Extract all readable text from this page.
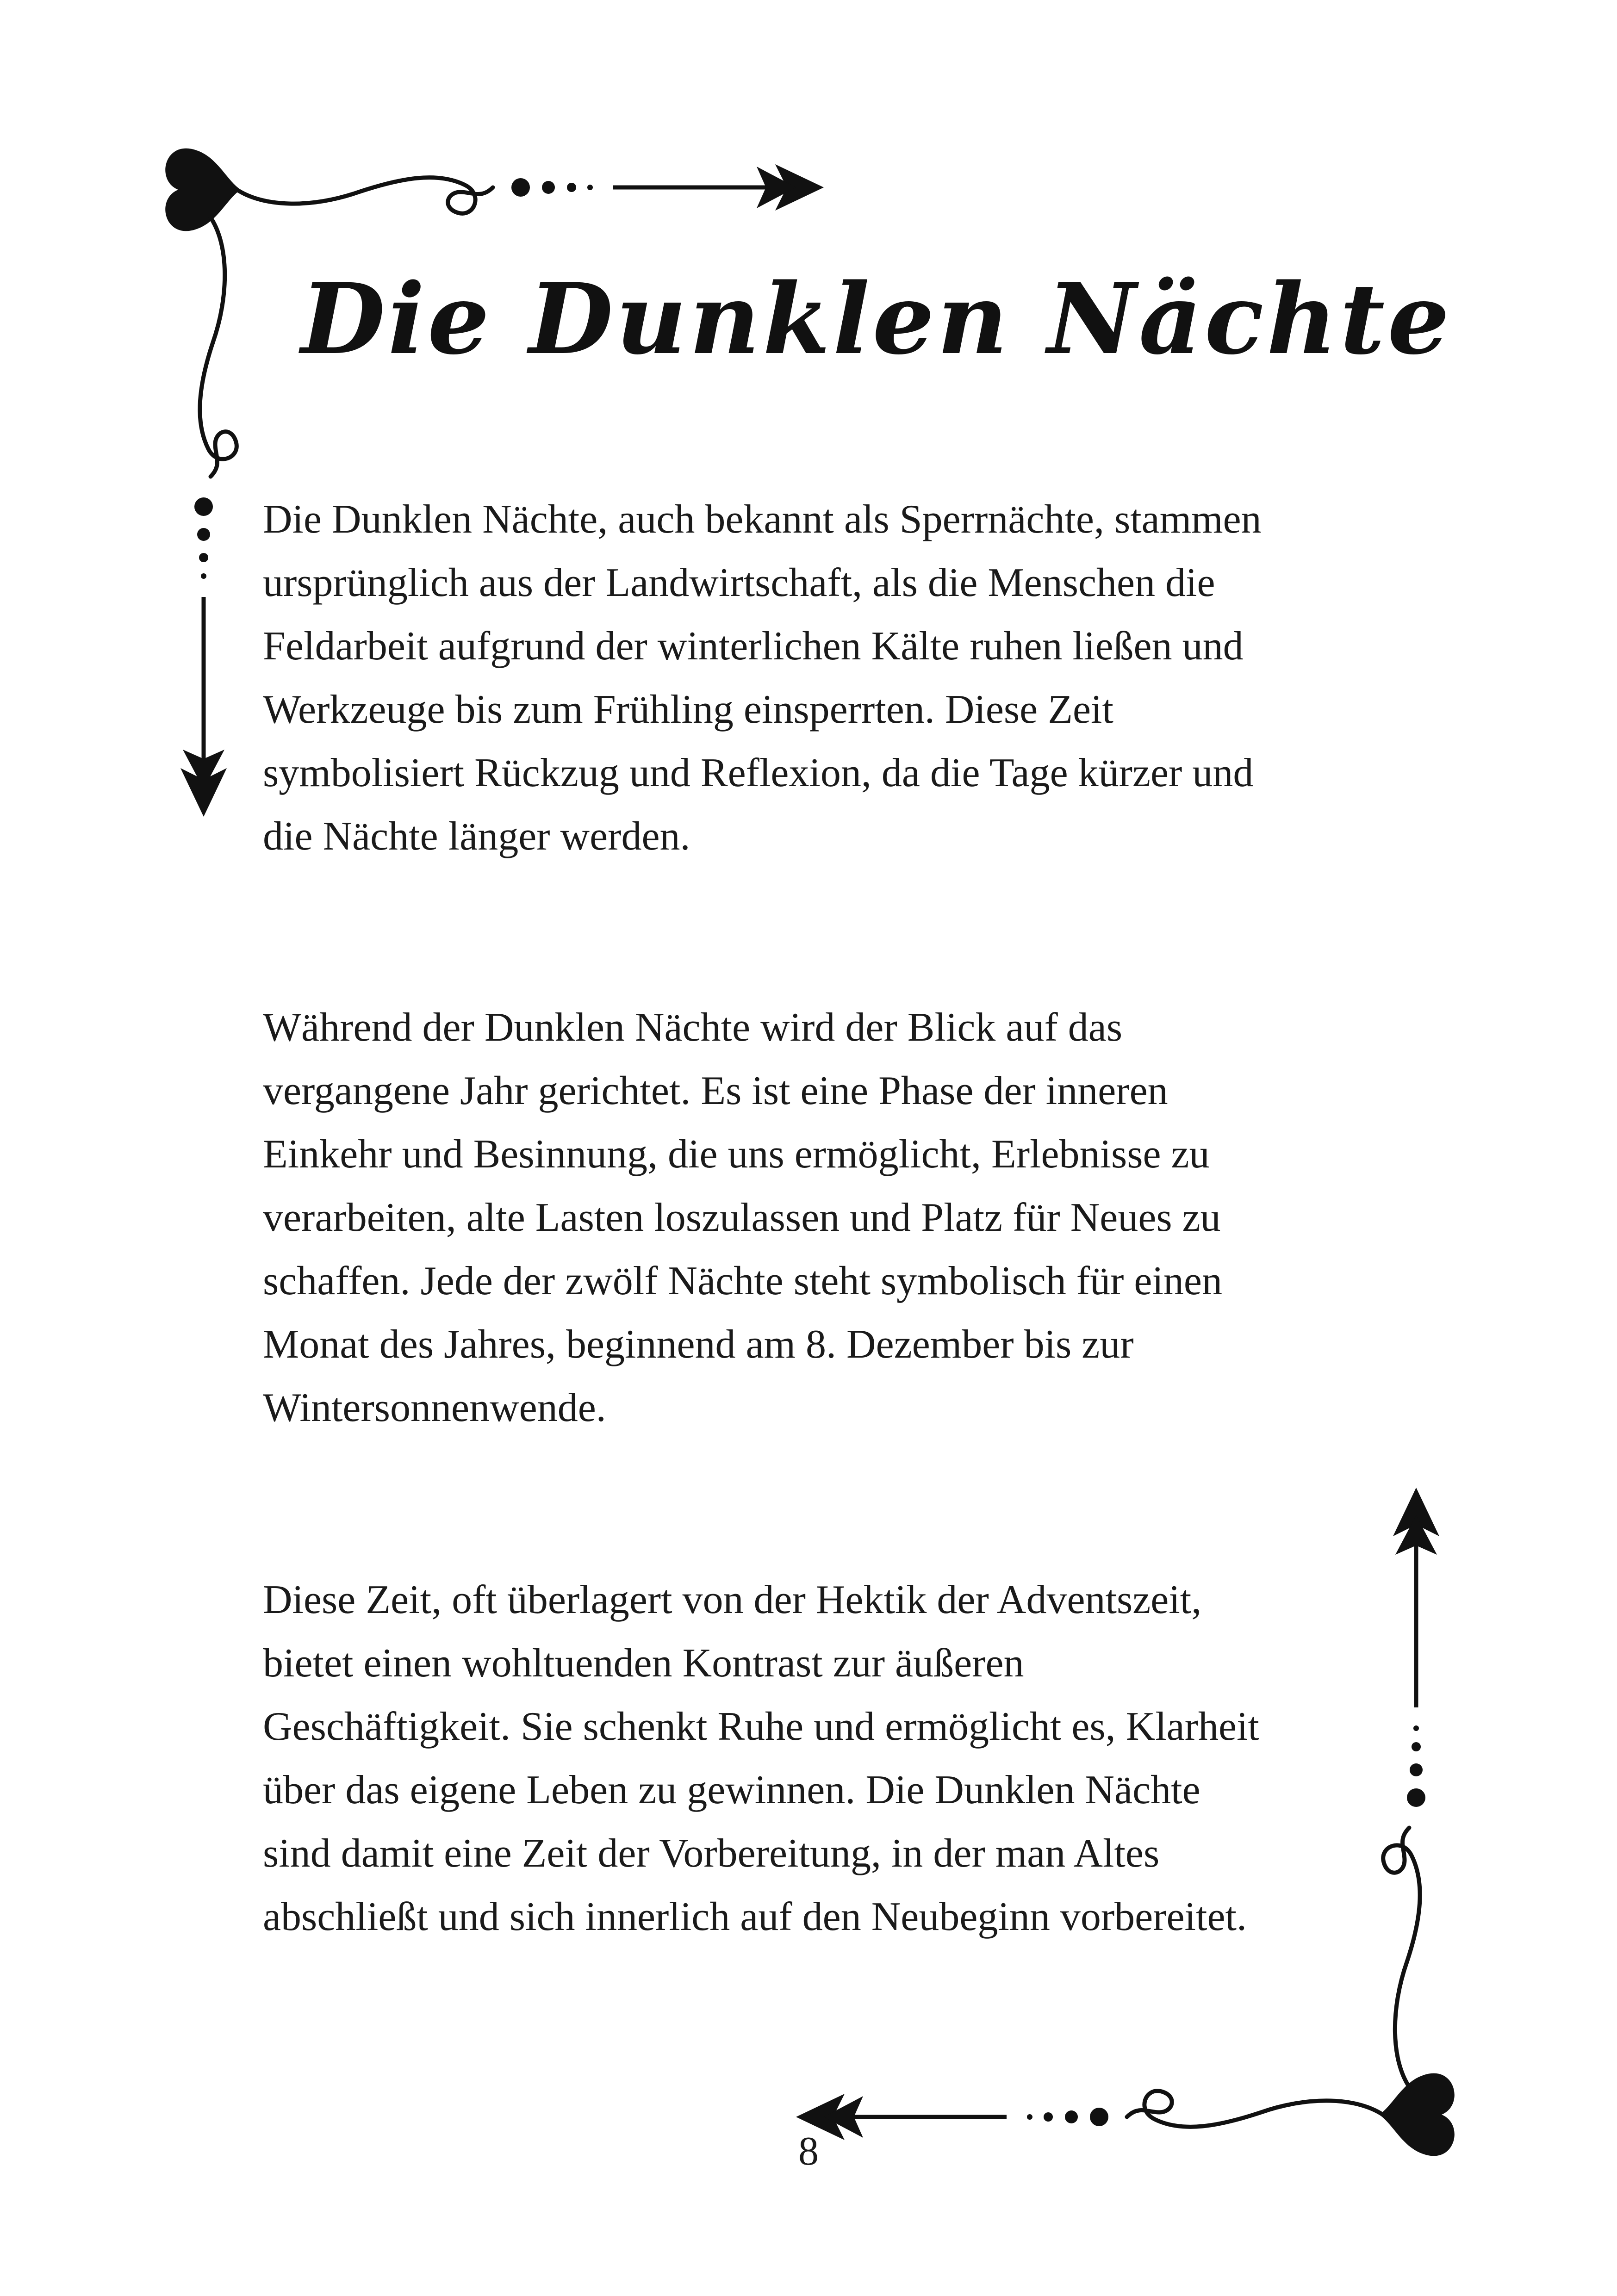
Die Dunklen Nächte
Die Dunklen Nächte, auch bekannt als Sperrnächte, stammen
ursprünglich aus der Landwirtschaft, als die Menschen die
Feldarbeit aufgrund der winterlichen Kälte ruhen ließen und
Werkzeuge bis zum Frühling einsperrten. Diese Zeit
symbolisiert Rückzug und Reflexion, da die Tage kürzer und
die Nächte länger werden.
Während der Dunklen Nächte wird der Blick auf das
vergangene Jahr gerichtet. Es ist eine Phase der inneren
Einkehr und Besinnung, die uns ermöglicht, Erlebnisse zu
verarbeiten, alte Lasten loszulassen und Platz für Neues zu
schaffen. Jede der zwölf Nächte steht symbolisch für einen
Monat des Jahres, beginnend am 8. Dezember bis zur
Wintersonnenwende.
Diese Zeit, oft überlagert von der Hektik der Adventszeit,
bietet einen wohltuenden Kontrast zur äußeren
Geschäftigkeit. Sie schenkt Ruhe und ermöglicht es, Klarheit
über das eigene Leben zu gewinnen. Die Dunklen Nächte
sind damit eine Zeit der Vorbereitung, in der man Altes
abschließt und sich innerlich auf den Neubeginn vorbereitet.

8
